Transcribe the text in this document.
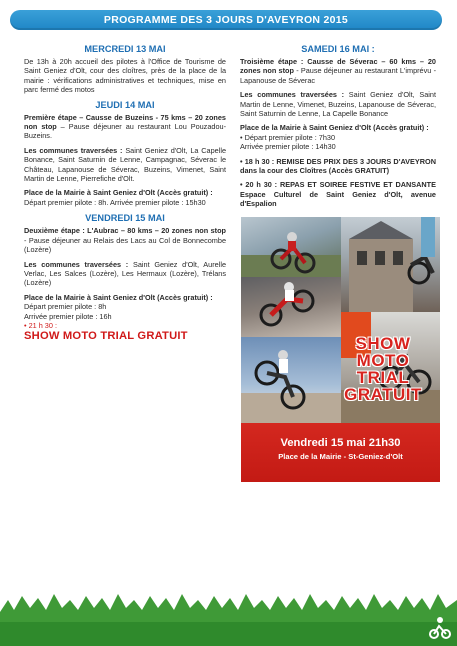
PROGRAMME DES 3 JOURS D'AVEYRON 2015
MERCREDI 13 MAI
De 13h à 20h accueil des pilotes à l'Office de Tourisme de Saint Geniez d'Olt, cour des cloîtres, près de la place de la mairie : vérifications administratives et techniques, mise en parc fermé des motos
JEUDI 14 MAI
Première étape – Causse de Buzeins - 75 kms – 20 zones non stop – Pause déjeuner au restaurant Lou Pouzadou-Buzeins.
Les communes traversées : Saint Geniez d'Olt, La Capelle Bonance, Saint Saturnin de Lenne, Campagnac, Séverac le Château, Lapanouse de Séverac, Buzeins, Vimenet, Saint Martin de Lenne, Pierrefiche d'Olt.
Place de la Mairie à Saint Geniez d'Olt (Accès gratuit) :
Départ premier pilote : 8h. Arrivée premier pilote : 15h30
VENDREDI 15 MAI
Deuxième étape : L'Aubrac – 80 kms – 20 zones non stop - Pause déjeuner au Relais des Lacs au Col de Bonnecombe (Lozère)
Les communes traversées : Saint Geniez d'Olt, Aurelle Verlac, Les Salces (Lozère), Les Hermaux (Lozère), Trélans (Lozère)
Place de la Mairie à Saint Geniez d'Olt (Accès gratuit) :
Départ premier pilote : 8h
Arrivée premier pilote : 16h
• 21 h 30 :
SHOW MOTO TRIAL GRATUIT
SAMEDI 16 MAI :
Troisième étape : Causse de Séverac – 60 kms – 20 zones non stop - Pause déjeuner au restaurant L'imprévu - Lapanouse de Séverac
Les communes traversées : Saint Geniez d'Olt, Saint Martin de Lenne, Vimenet, Buzeins, Lapanouse de Séverac, Saint Saturnin de Lenne, La Capelle Bonance
Place de la Mairie à Saint Geniez d'Olt (Accès gratuit) :
• Départ premier pilote : 7h30
Arrivée premier pilote : 14h30
• 18 h 30 : REMISE DES PRIX DES 3 JOURS D'AVEYRON dans la cour des Cloîtres (Accès GRATUIT)
• 20 h 30 : REPAS ET SOIREE FESTIVE ET DANSANTE Espace Culturel de Saint Geniez d'Olt, avenue d'Espalion
SHOW
MOTO
TRIAL
GRATUIT
Vendredi 15 mai 21h30
Place de la Mairie - St-Geniez-d'Olt
